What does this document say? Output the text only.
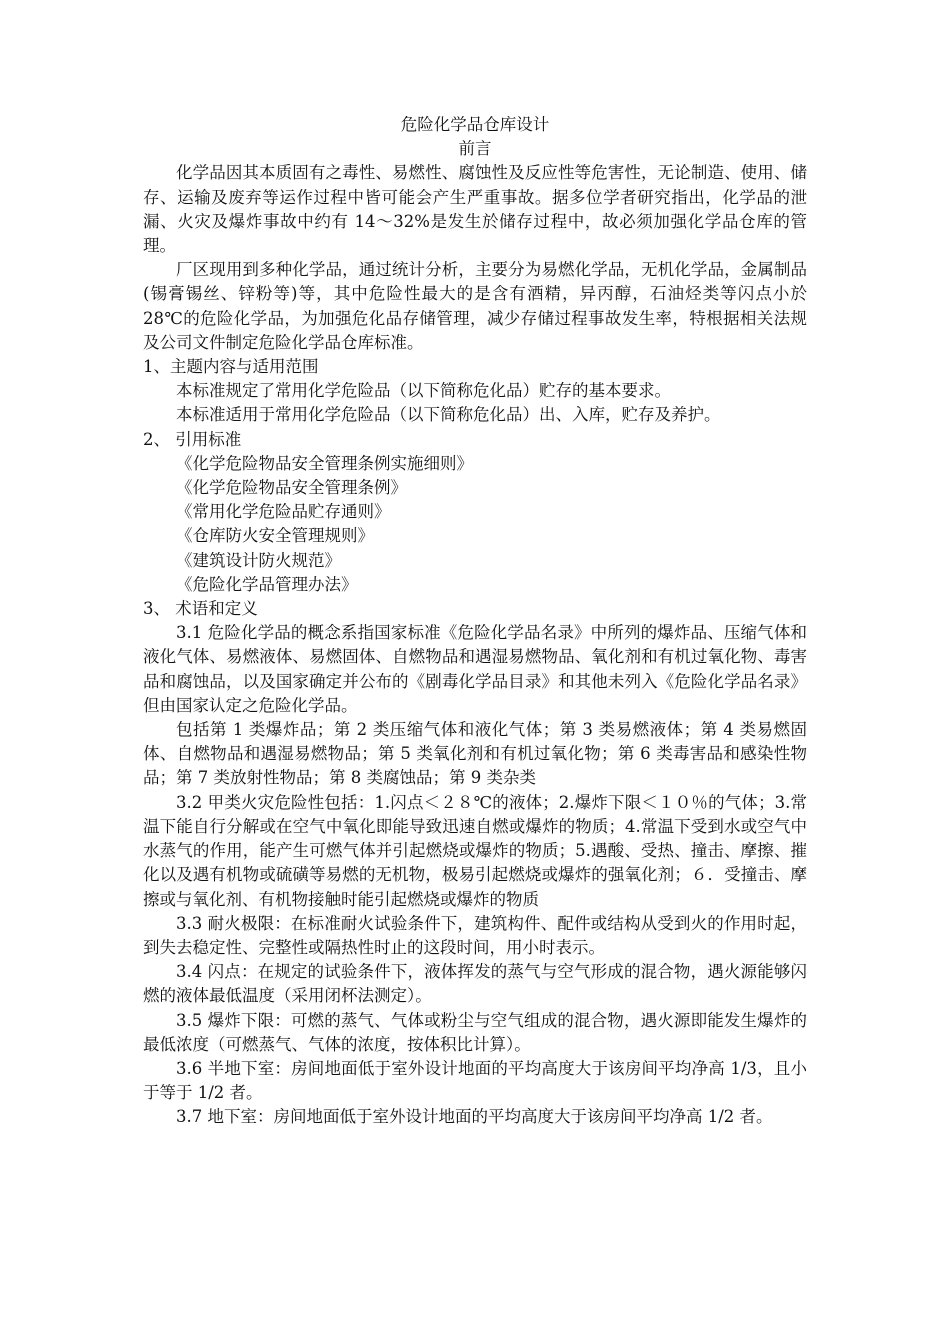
危险化学品仓库设计
前言

化学品因其本质固有之毒性、易燃性、腐蚀性及反应性等危害性，无论制造、使用、储存、运输及废弃等运作过程中皆可能会产生严重事故。据多位学者研究指出，化学品的泄漏、火灾及爆炸事故中约有 14～32%是发生於储存过程中，故必须加强化学品仓库的管理。

厂区现用到多种化学品，通过统计分析，主要分为易燃化学品，无机化学品，金属制品(锡膏锡丝、锌粉等)等，其中危险性最大的是含有酒精，异丙醇，石油烃类等闪点小於 28℃的危险化学品，为加强危化品存储管理，减少存储过程事故发生率，特根据相关法规及公司文件制定危险化学品仓库标准。

1、主题内容与适用范围

本标准规定了常用化学危险品（以下简称危化品）贮存的基本要求。

本标准适用于常用化学危险品（以下简称危化品）出、入库，贮存及养护。

2、 引用标准
《化学危险物品安全管理条例实施细则》
《化学危险物品安全管理条例》
《常用化学危险品贮存通则》
《仓库防火安全管理规则》
《建筑设计防火规范》
《危险化学品管理办法》
3、 术语和定义

3.1 危险化学品的概念系指国家标准《危险化学品名录》中所列的爆炸品、压缩气体和液化气体、易燃液体、易燃固体、自燃物品和遇湿易燃物品、氧化剂和有机过氧化物、毒害品和腐蚀品，以及国家确定并公布的《剧毒化学品目录》和其他未列入《危险化学品名录》但由国家认定之危险化学品。

包括第 1 类爆炸品；第 2 类压缩气体和液化气体；第 3 类易燃液体；第 4 类易燃固体、自燃物品和遇湿易燃物品；第 5 类氧化剂和有机过氧化物；第 6 类毒害品和感染性物品；第 7 类放射性物品；第 8 类腐蚀品；第 9 类杂类

3.2 甲类火灾危险性包括：1.闪点＜２８℃的液体；2.爆炸下限＜１０％的气体；3.常温下能自行分解或在空气中氧化即能导致迅速自燃或爆炸的物质；4.常温下受到水或空气中水蒸气的作用，能产生可燃气体并引起燃烧或爆炸的物质；5.遇酸、受热、撞击、摩擦、摧化以及遇有机物或硫磺等易燃的无机物，极易引起燃烧或爆炸的强氧化剂；６．受撞击、摩擦或与氧化剂、有机物接触时能引起燃烧或爆炸的物质

3.3 耐火极限：在标准耐火试验条件下，建筑构件、配件或结构从受到火的作用时起，到失去稳定性、完整性或隔热性时止的这段时间，用小时表示。

3.4 闪点：在规定的试验条件下，液体挥发的蒸气与空气形成的混合物，遇火源能够闪燃的液体最低温度（采用闭杯法测定）。

3.5 爆炸下限：可燃的蒸气、气体或粉尘与空气组成的混合物，遇火源即能发生爆炸的最低浓度（可燃蒸气、气体的浓度，按体积比计算）。

3.6 半地下室：房间地面低于室外设计地面的平均高度大于该房间平均净高 1/3，且小于等于 1/2 者。

3.7 地下室：房间地面低于室外设计地面的平均高度大于该房间平均净高 1/2 者。
